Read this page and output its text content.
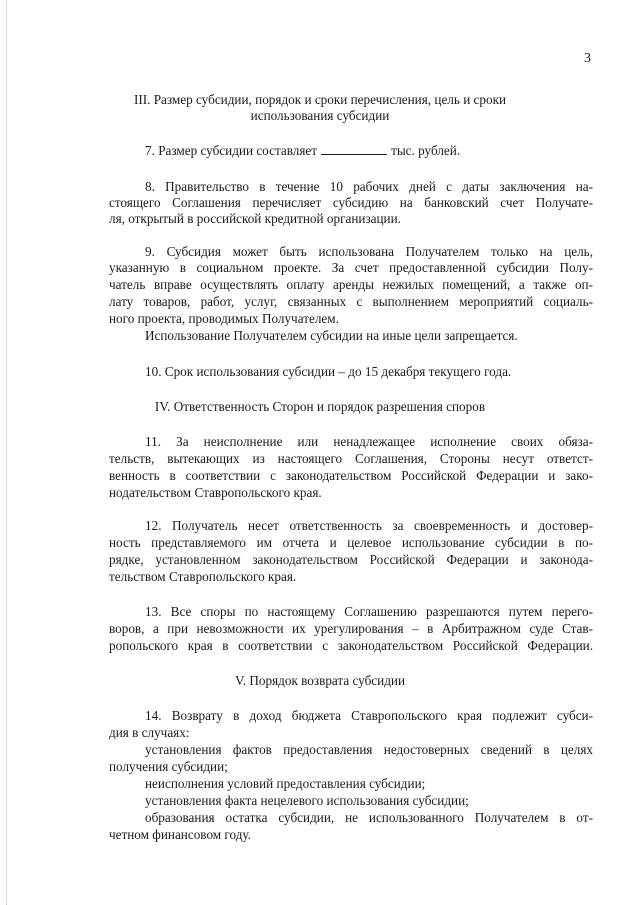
3
III. Размер субсидии, порядок и сроки перечисления, цель и сроки
использования субсидии
7. Размер субсидии составляет	тыс. рублей.
8. Правительство в течение 10 рабочих дней с даты заключения на-
стоящего Соглашения перечисляет субсидию на банковский счет Получате-
ля, открытый в российской кредитной организации.
9. Субсидия может быть использована Получателем только на цель,
указанную в социальном проекте. За счет предоставленной субсидии Полу-
чатель вправе осуществлять оплату аренды нежилых помещений, а также оп-
лату товаров, работ, услуг, связанных с выполнением мероприятий социаль-
ного проекта, проводимых Получателем.
Использование Получателем субсидии на иные цели запрещается.
10. Срок использования субсидии – до 15 декабря текущего года.
IV. Ответственность Сторон и порядок разрешения споров
11. За неисполнение или ненадлежащее исполнение своих обяза-
тельств, вытекающих из настоящего Соглашения, Стороны несут ответст-
венность в соответствии с законодательством Российской Федерации и зако-
нодательством Ставропольского края.
12. Получатель несет ответственность за своевременность и достовер-
ность представляемого им отчета и целевое использование субсидии в по-
рядке, установленном законодательством Российской Федерации и законода-
тельством Ставропольского края.
13. Все споры по настоящему Соглашению разрешаются путем перего-
воров, а при невозможности их урегулирования – в Арбитражном суде Став-
ропольского края в соответствии с законодательством Российской Федерации.
V. Порядок возврата субсидии
14. Возврату в доход бюджета Ставропольского края подлежит субси-
дия в случаях:
установления фактов предоставления недостоверных сведений в целях
получения субсидии;
неисполнения условий предоставления субсидии;
установления факта нецелевого использования субсидии;
образования остатка субсидии, не использованного Получателем в от-
четном финансовом году.
